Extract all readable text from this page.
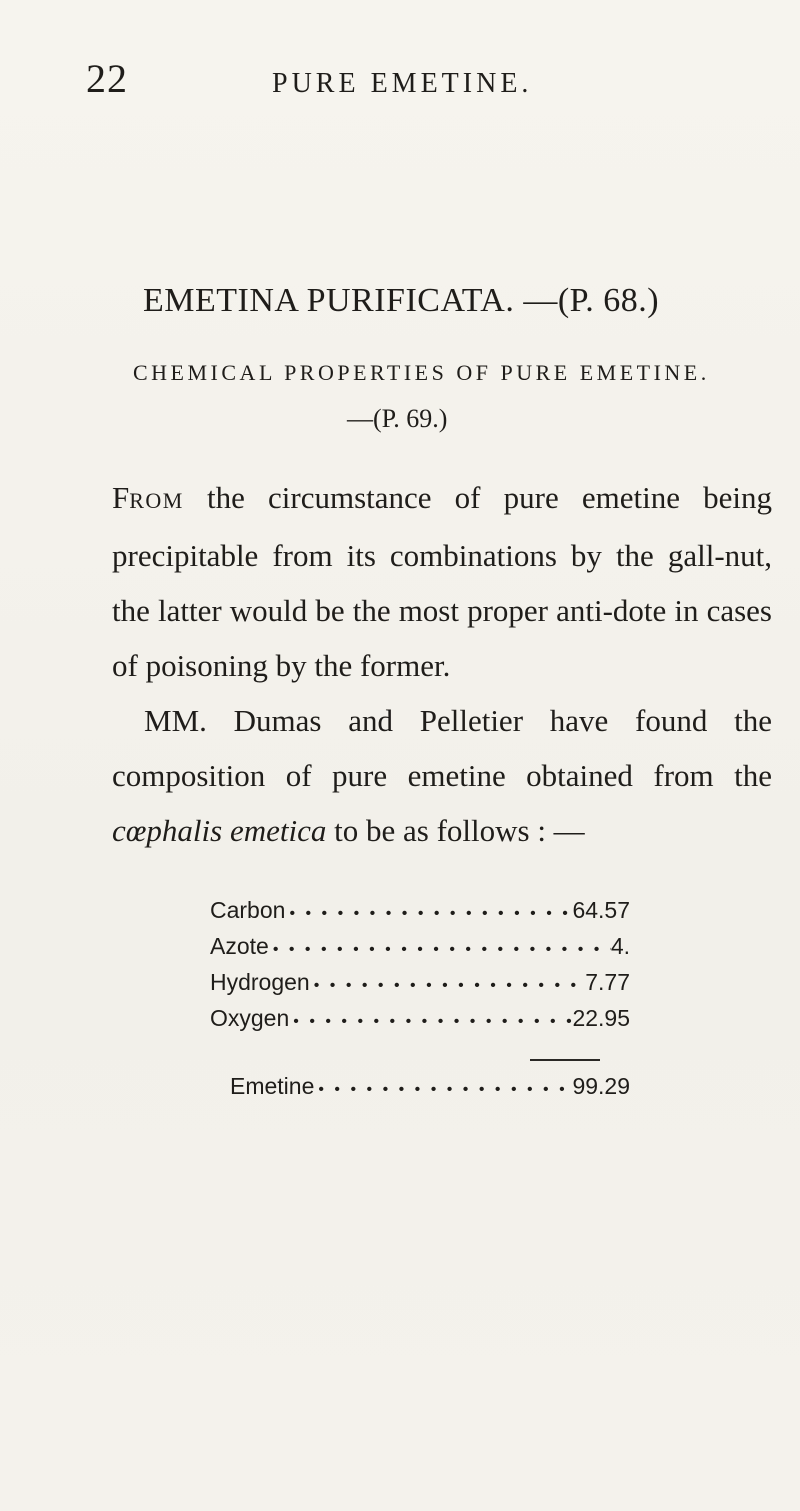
22	PURE EMETINE.
EMETINA PURIFICATA. —(P. 68.)
CHEMICAL PROPERTIES OF PURE EMETINE.
—(P. 69.)

FROM the circumstance of pure emetine being precipitable from its combinations by the gall-nut, the latter would be the most proper anti-dote in cases of poisoning by the former.

MM. Dumas and Pelletier have found the composition of pure emetine obtained from the cœphalis emetica to be as follows : —

Carbon • • •	64.57
Azote • • •	4.
Hydrogen • • •	7.77
Oxygen • • •	22.95
Emetine • • •	99.29
